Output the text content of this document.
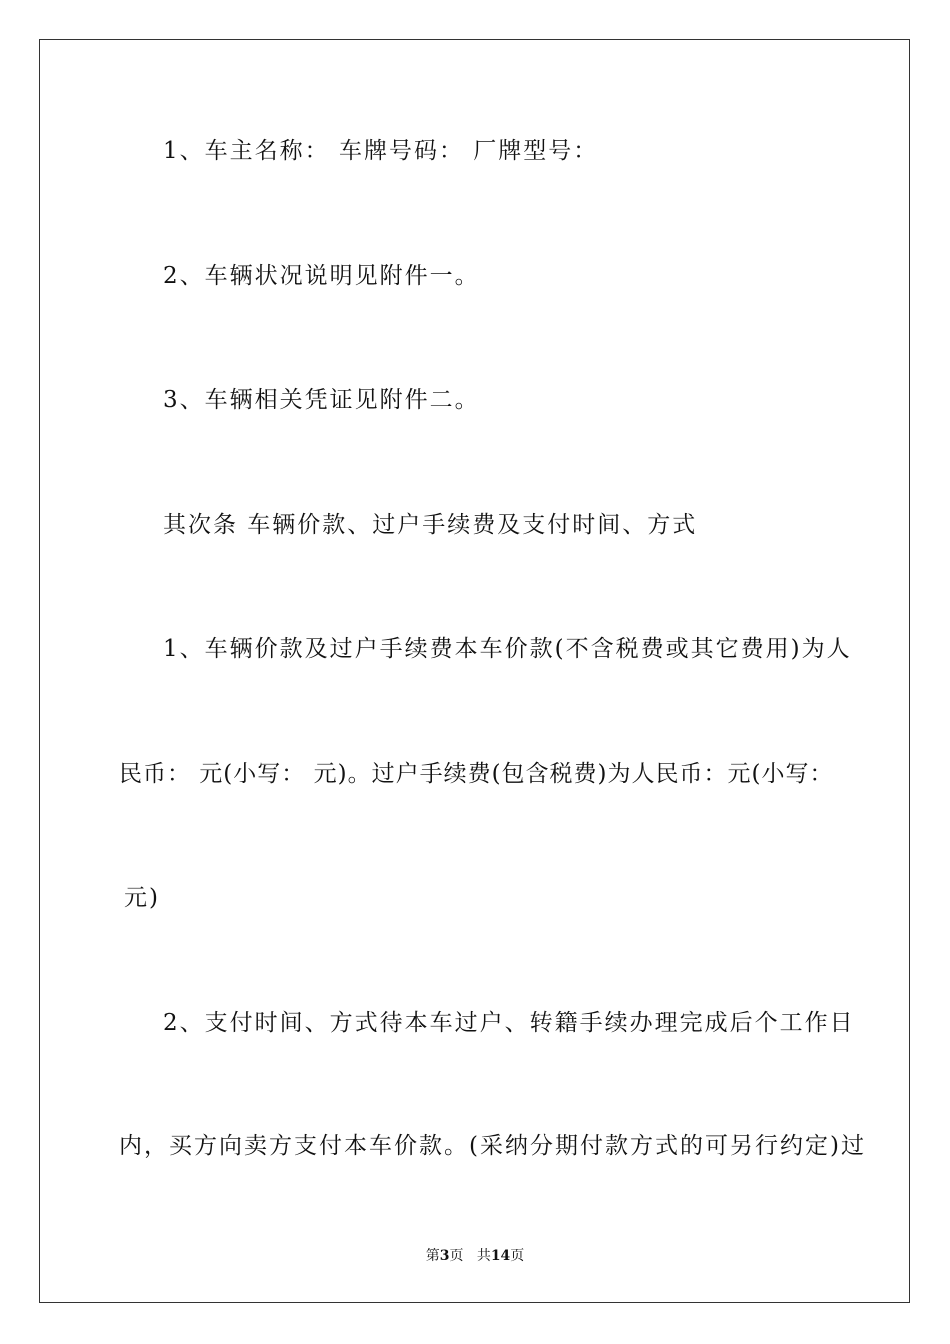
1、车主名称： 车牌号码： 厂牌型号：
2、车辆状况说明见附件一。
3、车辆相关凭证见附件二。
其次条 车辆价款、过户手续费及支付时间、方式
1、车辆价款及过户手续费本车价款(不含税费或其它费用)为人
民币： 元(小写： 元)。过户手续费(包含税费)为人民币：元(小写：
元)
2、支付时间、方式待本车过户、转籍手续办理完成后个工作日
内，买方向卖方支付本车价款。(采纳分期付款方式的可另行约定)过
第3页 共14页
